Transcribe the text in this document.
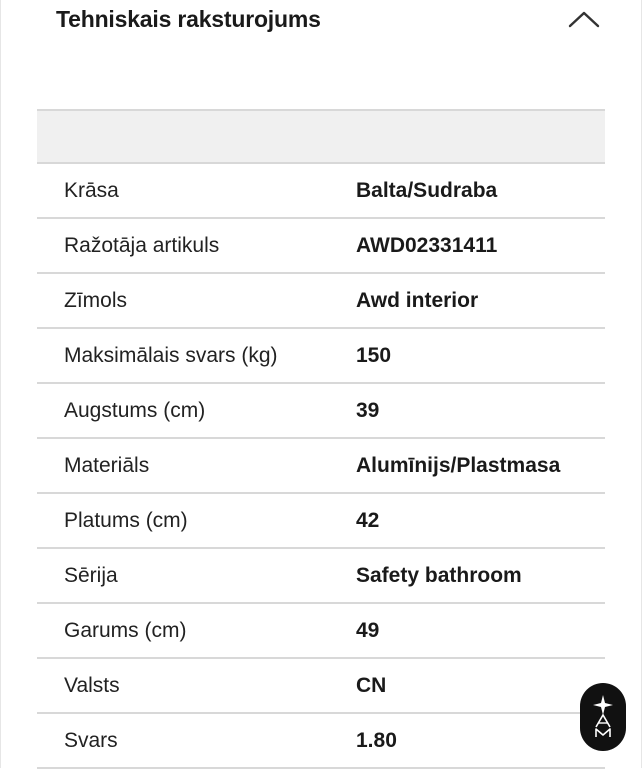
Tehniskais raksturojums
Krāsa	Balta/Sudraba
Ražotāja artikuls	AWD02331411
Zīmols	Awd interior
Maksimālais svars (kg)	150
Augstums (cm)	39
Materiāls	Alumīnijs/Plastmasa
Platums (cm)	42
Sērija	Safety bathroom
Garums (cm)	49
Valsts	CN
Svars	1.80
